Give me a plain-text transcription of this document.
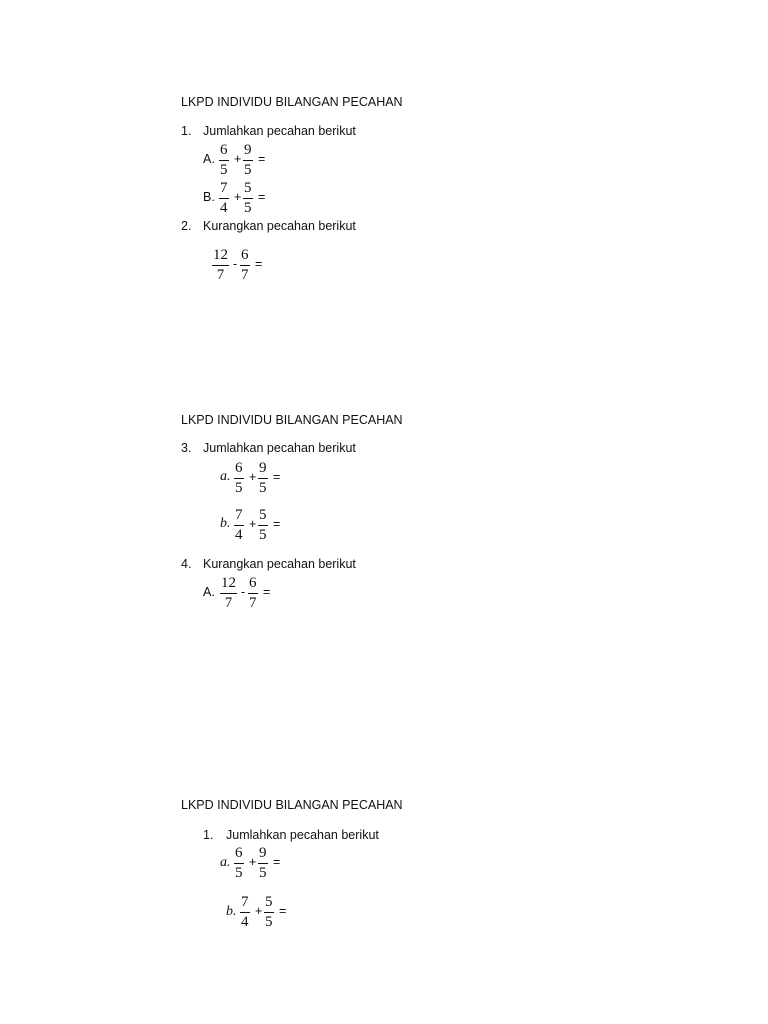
LKPD INDIVIDU BILANGAN PECAHAN
1. Jumlahkan pecahan berikut
A.
6
5
+
9
5
=
B.
7
4
+
5
5
=
2. Kurangkan pecahan berikut
12
7
-
6
7
=
LKPD INDIVIDU BILANGAN PECAHAN
3. Jumlahkan pecahan berikut
a.
6
5
+
9
5
=
b.
7
4
+
5
5
=
4. Kurangkan pecahan berikut
A.
12
7
-
6
7
=
LKPD INDIVIDU BILANGAN PECAHAN
1. Jumlahkan pecahan berikut
a.
6
5
+
9
5
=
b.
7
4
+
5
5
=
